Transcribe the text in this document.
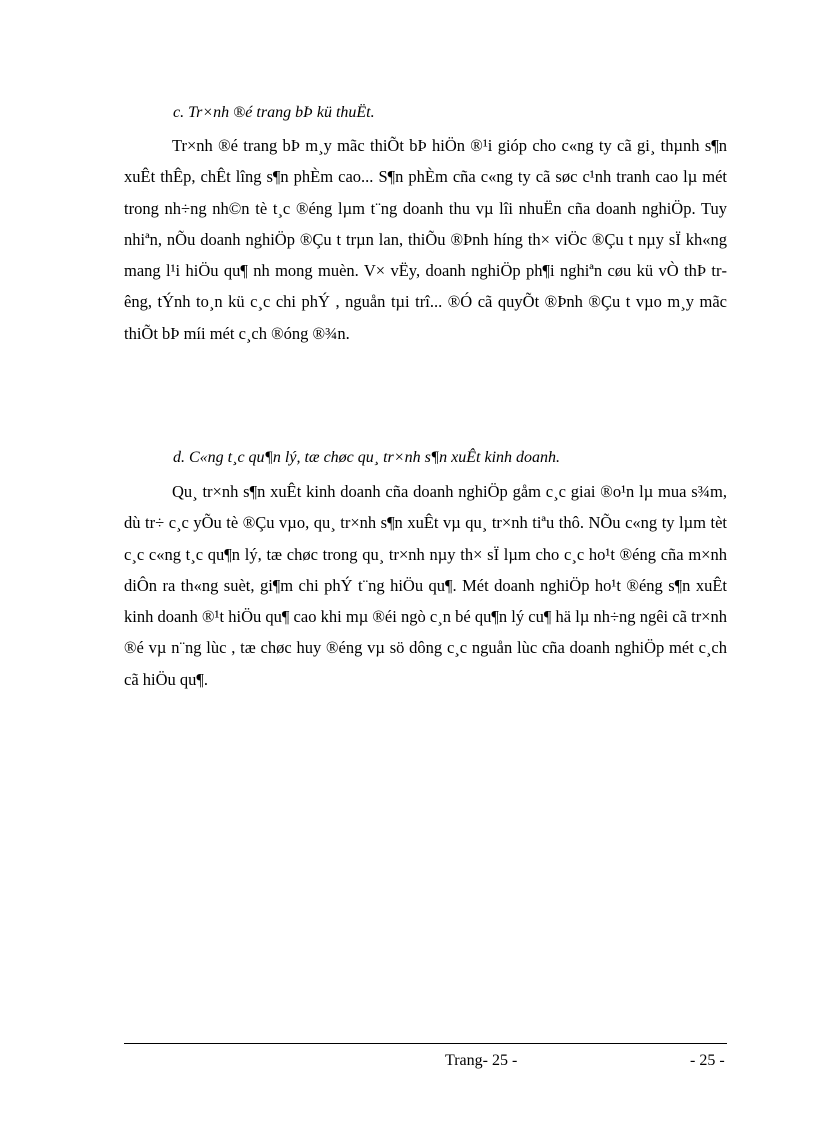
c. Tr×nh ®é trang bÞ kü thuËt.

Tr×nh ®é trang bÞ m¸y mãc thiÕt bÞ hiÖn ®¹i gióp cho c«ng ty cã gi¸ thµnh s¶n xuÊt thÊp, chÊt lîng s¶n phÈm cao... S¶n phÈm cña c«ng ty cã søc c¹nh tranh cao lµ mét trong nh÷ng nh©n tè t¸c ®éng lµm t¨ng doanh thu vµ lîi nhuËn cña doanh nghiÖp. Tuy nhiªn, nÕu doanh nghiÖp ®Çu t trµn lan, thiÕu ®Þnh híng th× viÖc ®Çu t nµy sÏ kh«ng mang l¹i hiÖu qu¶ nh mong muèn. V× vËy, doanh nghiÖp ph¶i nghiªn cøu kü vÒ thÞ trêng, tÝnh to¸n kü c¸c chi phÝ , nguån tµi trî... ®Ó cã quyÕt ®Þnh ®Çu t vµo m¸y mãc thiÕt bÞ míi mét c¸ch ®óng ®¾n.

d. C«ng t¸c qu¶n lý, tæ chøc qu¸ tr×nh s¶n xuÊt kinh doanh.

Qu¸ tr×nh s¶n xuÊt kinh doanh cña doanh nghiÖp gåm c¸c giai ®o¹n lµ mua s¾m, dù tr÷ c¸c yÕu tè ®Çu vµo, qu¸ tr×nh s¶n xuÊt vµ qu¸ tr×nh tiªu thô. NÕu c«ng ty lµm tèt c¸c c«ng t¸c qu¶n lý, tæ chøc trong qu¸ tr×nh nµy th× sÏ lµm cho c¸c ho¹t ®éng cña m×nh diÔn ra th«ng suèt, gi¶m chi phÝ t¨ng hiÖu qu¶. Mét doanh nghiÖp ho¹t ®éng s¶n xuÊt kinh doanh ®¹t hiÖu qu¶ cao khi mµ ®éi ngò c¸n bé qu¶n lý cu¶ hä lµ nh÷ng ngêi cã tr×nh ®é vµ n¨ng lùc , tæ chøc huy ®éng vµ sö dông c¸c nguån lùc cña doanh nghiÖp mét c¸ch cã hiÖu qu¶.

Trang- 25 -	- 25 -
